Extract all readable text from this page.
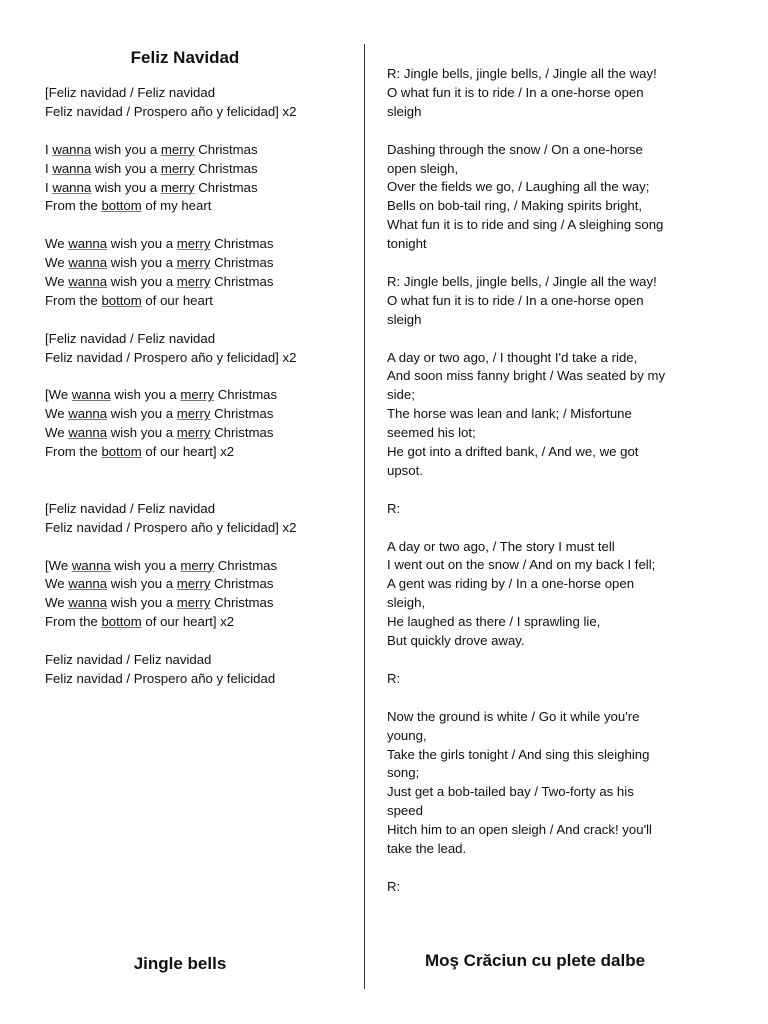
Feliz Navidad
[Feliz navidad / Feliz navidad
Feliz navidad / Prospero año y felicidad] x2
I wanna wish you a merry Christmas
I wanna wish you a merry Christmas
I wanna wish you a merry Christmas
From the bottom of my heart
We wanna wish you a merry Christmas
We wanna wish you a merry Christmas
We wanna wish you a merry Christmas
From the bottom of our heart
[Feliz navidad / Feliz navidad
Feliz navidad / Prospero año y felicidad] x2
[We wanna wish you a merry Christmas
We wanna wish you a merry Christmas
We wanna wish you a merry Christmas
From the bottom of our heart] x2
[Feliz navidad / Feliz navidad
Feliz navidad / Prospero año y felicidad] x2
[We wanna wish you a merry Christmas
We wanna wish you a merry Christmas
We wanna wish you a merry Christmas
From the bottom of our heart] x2
Feliz navidad / Feliz navidad
Feliz navidad / Prospero año y felicidad
R: Jingle bells, jingle bells, / Jingle all the way!
O what fun it is to ride / In a one-horse open
sleigh
Dashing through the snow / On a one-horse
open sleigh,
Over the fields we go, / Laughing all the way;
Bells on bob-tail ring, / Making spirits bright,
What fun it is to ride and sing / A sleighing song
tonight
R: Jingle bells, jingle bells, / Jingle all the way!
O what fun it is to ride / In a one-horse open
sleigh
A day or two ago, / I thought I'd take a ride,
And soon miss fanny bright / Was seated by my
side;
The horse was lean and lank; / Misfortune
seemed his lot;
He got into a drifted bank, / And we, we got
upsot.
R:
A day or two ago, / The story I must tell
I went out on the snow / And on my back I fell;
A gent was riding by / In a one-horse open
sleigh,
He laughed as there / I sprawling lie,
But quickly drove away.
R:
Now the ground is white / Go it while you're
young,
Take the girls tonight / And sing this sleighing
song;
Just get a bob-tailed bay / Two-forty as his
speed
Hitch him to an open sleigh / And crack! you'll
take the lead.
R:
Jingle bells	Moş Crăciun cu plete dalbe
